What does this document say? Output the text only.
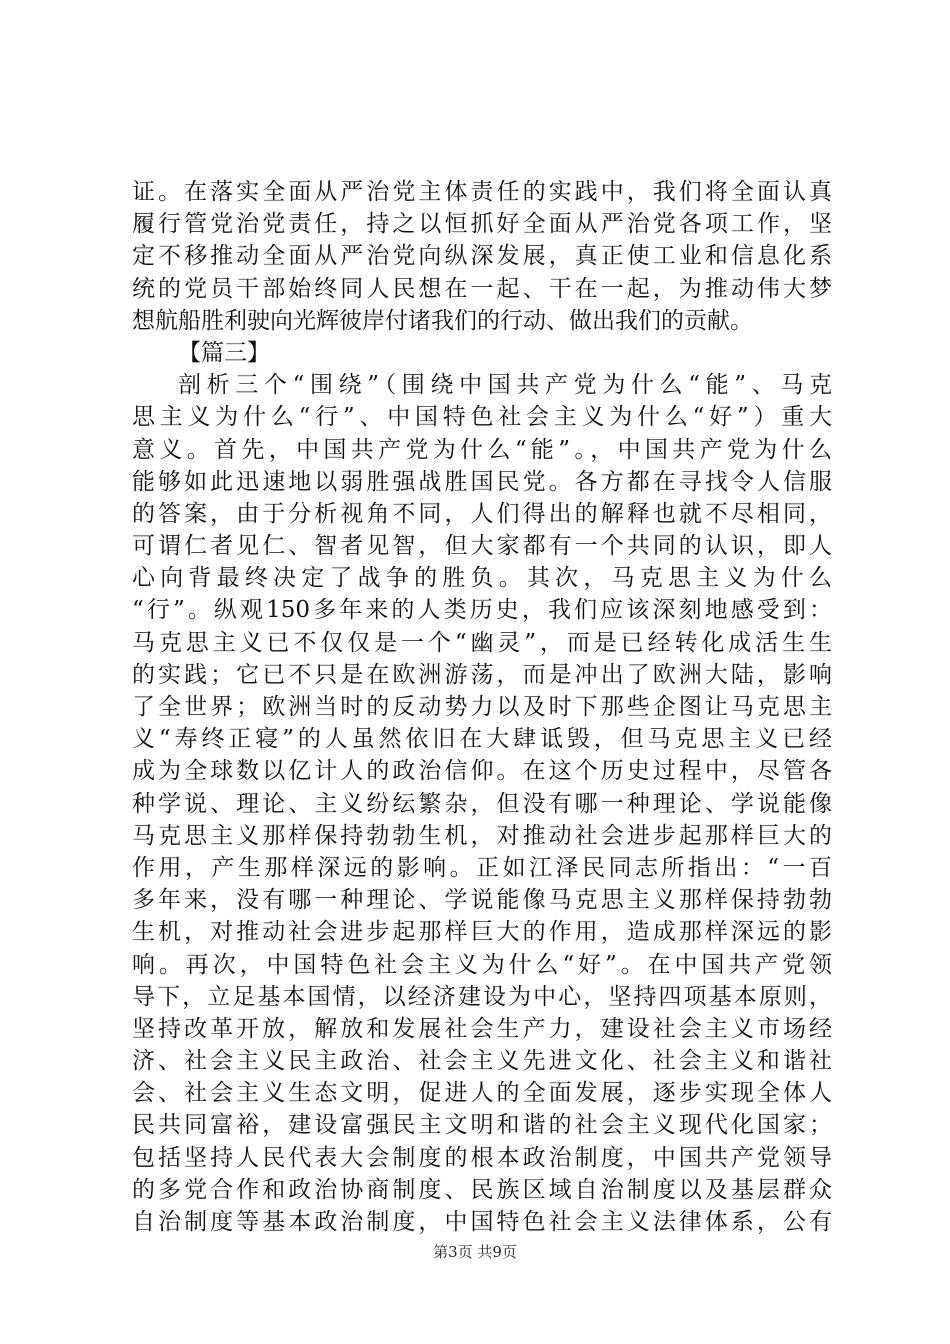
证。在落实全面从严治党主体责任的实践中，我们将全面认真
履行管党治党责任，持之以恒抓好全面从严治党各项工作，坚
定不移推动全面从严治党向纵深发展，真正使工业和信息化系
统的党员干部始终同人民想在一起、干在一起，为推动伟大梦
想航船胜利驶向光辉彼岸付诸我们的行动、做出我们的贡献。
【篇三】
剖析三个“围绕”（围绕中国共产党为什么“能”、马克
思主义为什么“行”、中国特色社会主义为什么“好”）重大
意义。首先，中国共产党为什么“能”。，中国共产党为什么
能够如此迅速地以弱胜强战胜国民党。各方都在寻找令人信服
的答案，由于分析视角不同，人们得出的解释也就不尽相同，
可谓仁者见仁、智者见智，但大家都有一个共同的认识，即人
心向背最终决定了战争的胜负。其次，马克思主义为什么
“行”。纵观150多年来的人类历史，我们应该深刻地感受到：
马克思主义已不仅仅是一个“幽灵”，而是已经转化成活生生
的实践；它已不只是在欧洲游荡，而是冲出了欧洲大陆，影响
了全世界；欧洲当时的反动势力以及时下那些企图让马克思主
义“寿终正寝”的人虽然依旧在大肆诋毁，但马克思主义已经
成为全球数以亿计人的政治信仰。在这个历史过程中，尽管各
种学说、理论、主义纷纭繁杂，但没有哪一种理论、学说能像
马克思主义那样保持勃勃生机，对推动社会进步起那样巨大的
作用，产生那样深远的影响。正如江泽民同志所指出：“一百
多年来，没有哪一种理论、学说能像马克思主义那样保持勃勃
生机，对推动社会进步起那样巨大的作用，造成那样深远的影
响。再次，中国特色社会主义为什么“好”。在中国共产党领
导下，立足基本国情，以经济建设为中心，坚持四项基本原则，
坚持改革开放，解放和发展社会生产力，建设社会主义市场经
济、社会主义民主政治、社会主义先进文化、社会主义和谐社
会、社会主义生态文明，促进人的全面发展，逐步实现全体人
民共同富裕，建设富强民主文明和谐的社会主义现代化国家；
包括坚持人民代表大会制度的根本政治制度，中国共产党领导
的多党合作和政治协商制度、民族区域自治制度以及基层群众
自治制度等基本政治制度，中国特色社会主义法律体系，公有
第3页 共9页
